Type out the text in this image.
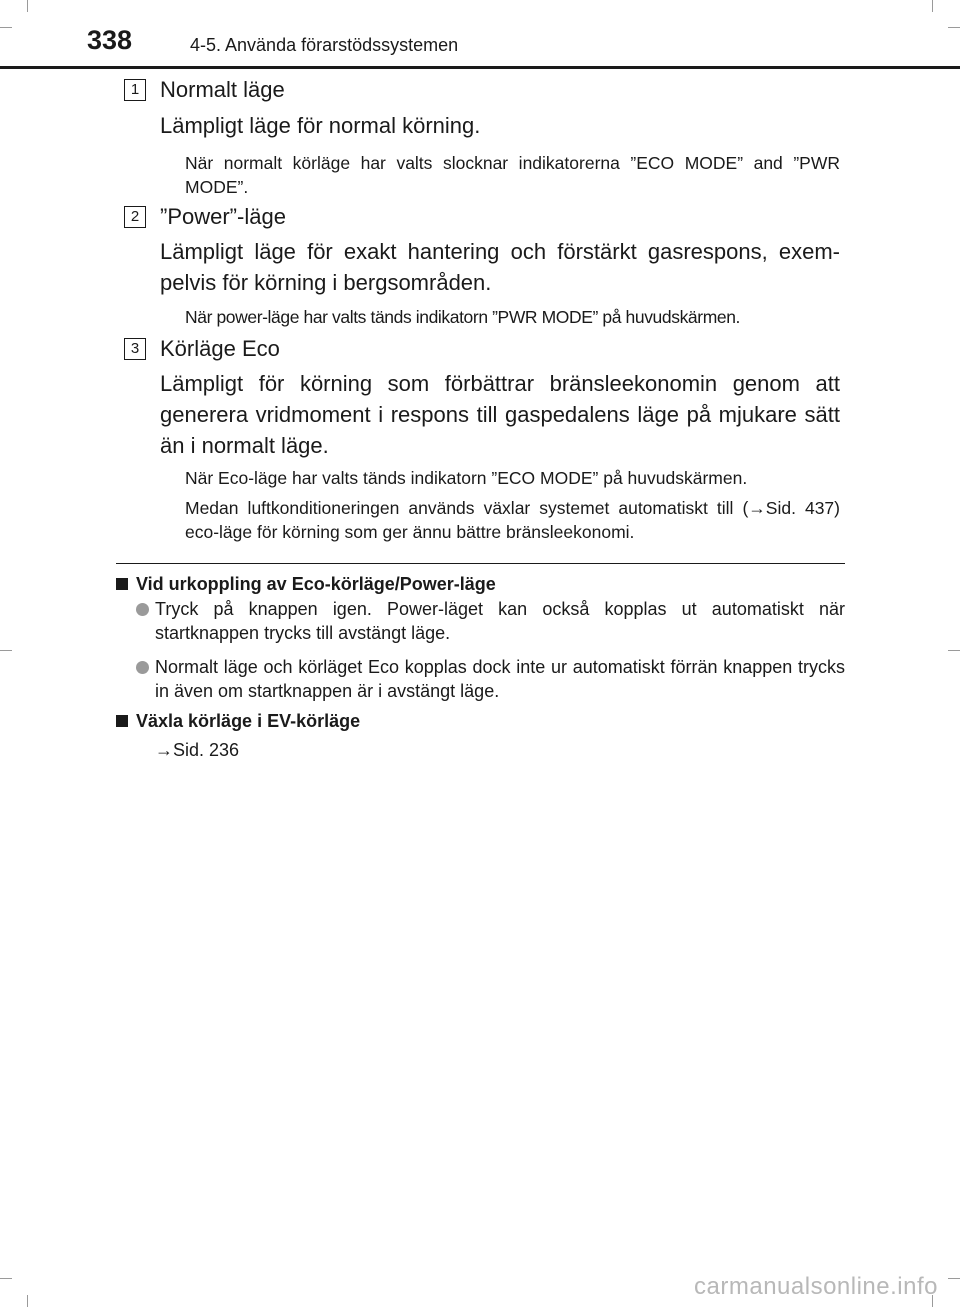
338	4-5. Använda förarstödssystemen
1 Normalt läge
Lämpligt läge för normal körning.
När normalt körläge har valts slocknar indikatorerna ”ECO MODE” and ”PWR MODE”.
2 ”Power”-läge
Lämpligt läge för exakt hantering och förstärkt gasrespons, exem-pelvis för körning i bergsområden.
När power-läge har valts tänds indikatorn ”PWR MODE” på huvudskärmen.
3 Körläge Eco
Lämpligt för körning som förbättrar bränsleekonomin genom att generera vridmoment i respons till gaspedalens läge på mjukare sätt än i normalt läge.
När Eco-läge har valts tänds indikatorn ”ECO MODE” på huvudskärmen.
Medan luftkonditioneringen används växlar systemet automatiskt till (→Sid. 437) eco-läge för körning som ger ännu bättre bränsleekonomi.
Vid urkoppling av Eco-körläge/Power-läge
Tryck på knappen igen. Power-läget kan också kopplas ut automatiskt när startknappen trycks till avstängt läge.
Normalt läge och körläget Eco kopplas dock inte ur automatiskt förrän knappen trycks in även om startknappen är i avstängt läge.
Växla körläge i EV-körläge
→Sid. 236
carmanualsonline.info
